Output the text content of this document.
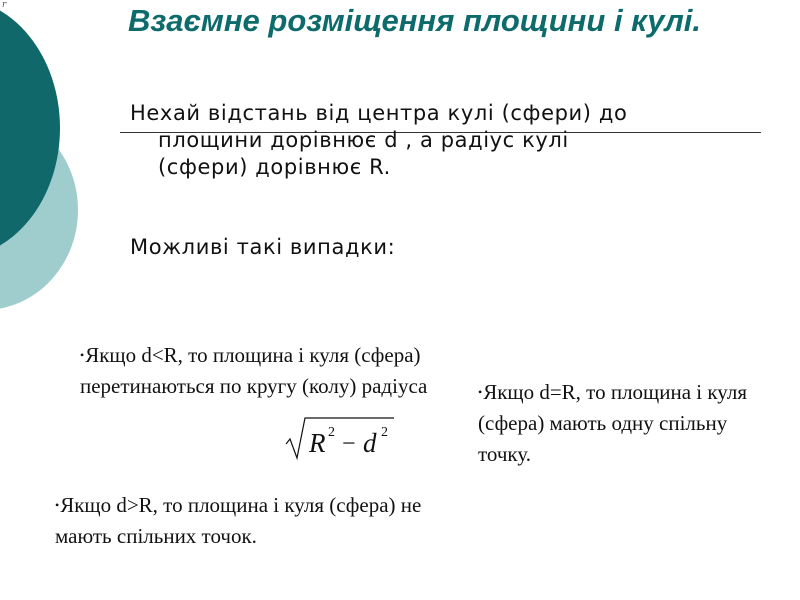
r	Взаємне розміщення площини і кулі.

Нехай відстань від центра кулі (сфери) до площини дорівнює d , а радіус кулі (сфери) дорівнює R.

Можливі такі випадки:

•Якщо d<R, то площина і куля (сфера) перетинаються по кругу (колу) радіуса

R 2 − d 2

•Якщо d=R, то площина і куля (сфера) мають одну спільну точку.

•Якщо d>R, то площина і куля (сфера) не мають спільних точок.
